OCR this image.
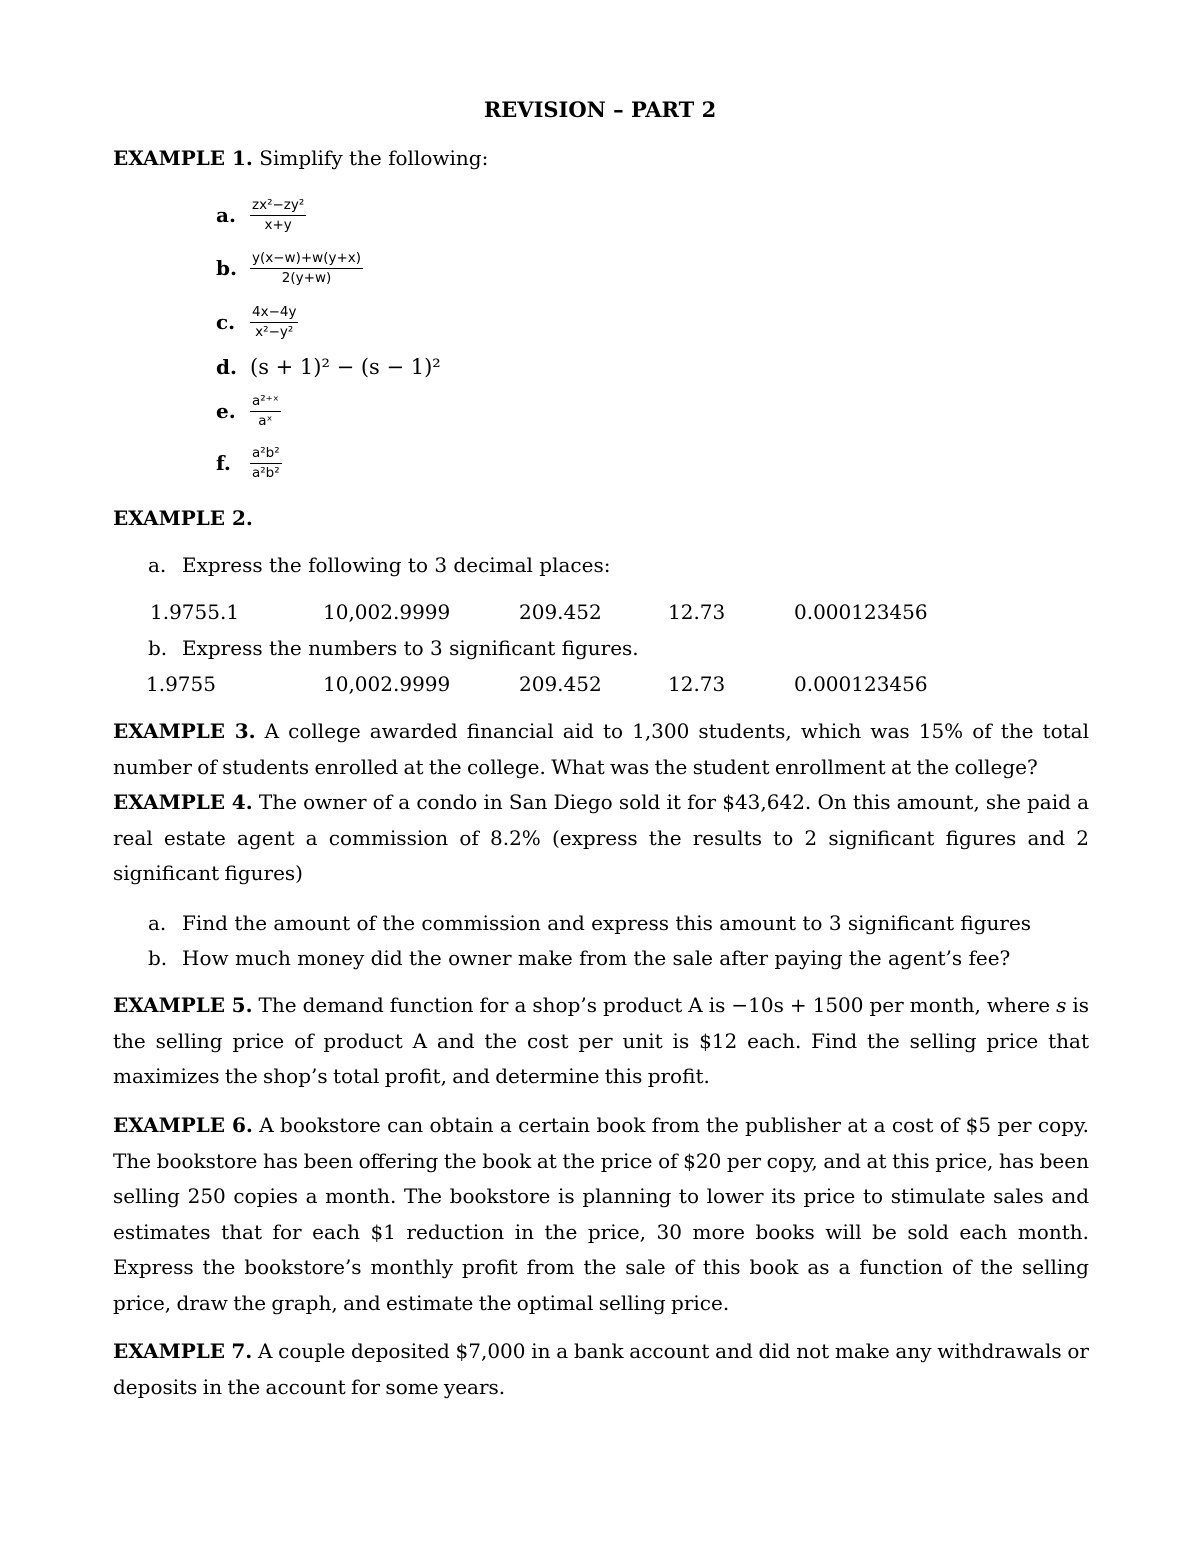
REVISION – PART 2
EXAMPLE 1. Simplify the following:
a.	$\frac{\text{zx²−zy²}}{x+y}$
b. $\frac{y(x-w)+w(y+x)}{2(y+w)}$
c.	$\frac{4x-4y}{\text{x²−y²}}$
d. (s + 1)² − (s − 1)²
e.	$\frac{\text{a²⁺ˣ}}{\text{aˣ}}$
f.	$\frac{\text{a²b²}}{\text{a²b²}}$
EXAMPLE 2.
a. Express the following to 3 decimal places:
1.9755.1	10,002.9999	209.452	12.73	0.000123456
b. Express the numbers to 3 significant figures.
1.9755	10,002.9999	209.452	12.73	0.000123456
EXAMPLE 3. A college awarded financial aid to 1,300 students, which was 15% of the total number of students enrolled at the college. What was the student enrollment at the college?
EXAMPLE 4. The owner of a condo in San Diego sold it for $43,642. On this amount, she paid a real estate agent a commission of 8.2% (express the results to 2 significant figures and 2 significant figures)
a. Find the amount of the commission and express this amount to 3 significant figures
b. How much money did the owner make from the sale after paying the agent’s fee?
EXAMPLE 5. The demand function for a shop’s product A is −10s + 1500 per month, where s is the selling price of product A and the cost per unit is $12 each. Find the selling price that maximizes the shop’s total profit, and determine this profit.
EXAMPLE 6. A bookstore can obtain a certain book from the publisher at a cost of $5 per copy. The bookstore has been offering the book at the price of $20 per copy, and at this price, has been selling 250 copies a month. The bookstore is planning to lower its price to stimulate sales and estimates that for each $1 reduction in the price, 30 more books will be sold each month. Express the bookstore’s monthly profit from the sale of this book as a function of the selling price, draw the graph, and estimate the optimal selling price.
EXAMPLE 7. A couple deposited $7,000 in a bank account and did not make any withdrawals or deposits in the account for some years.
